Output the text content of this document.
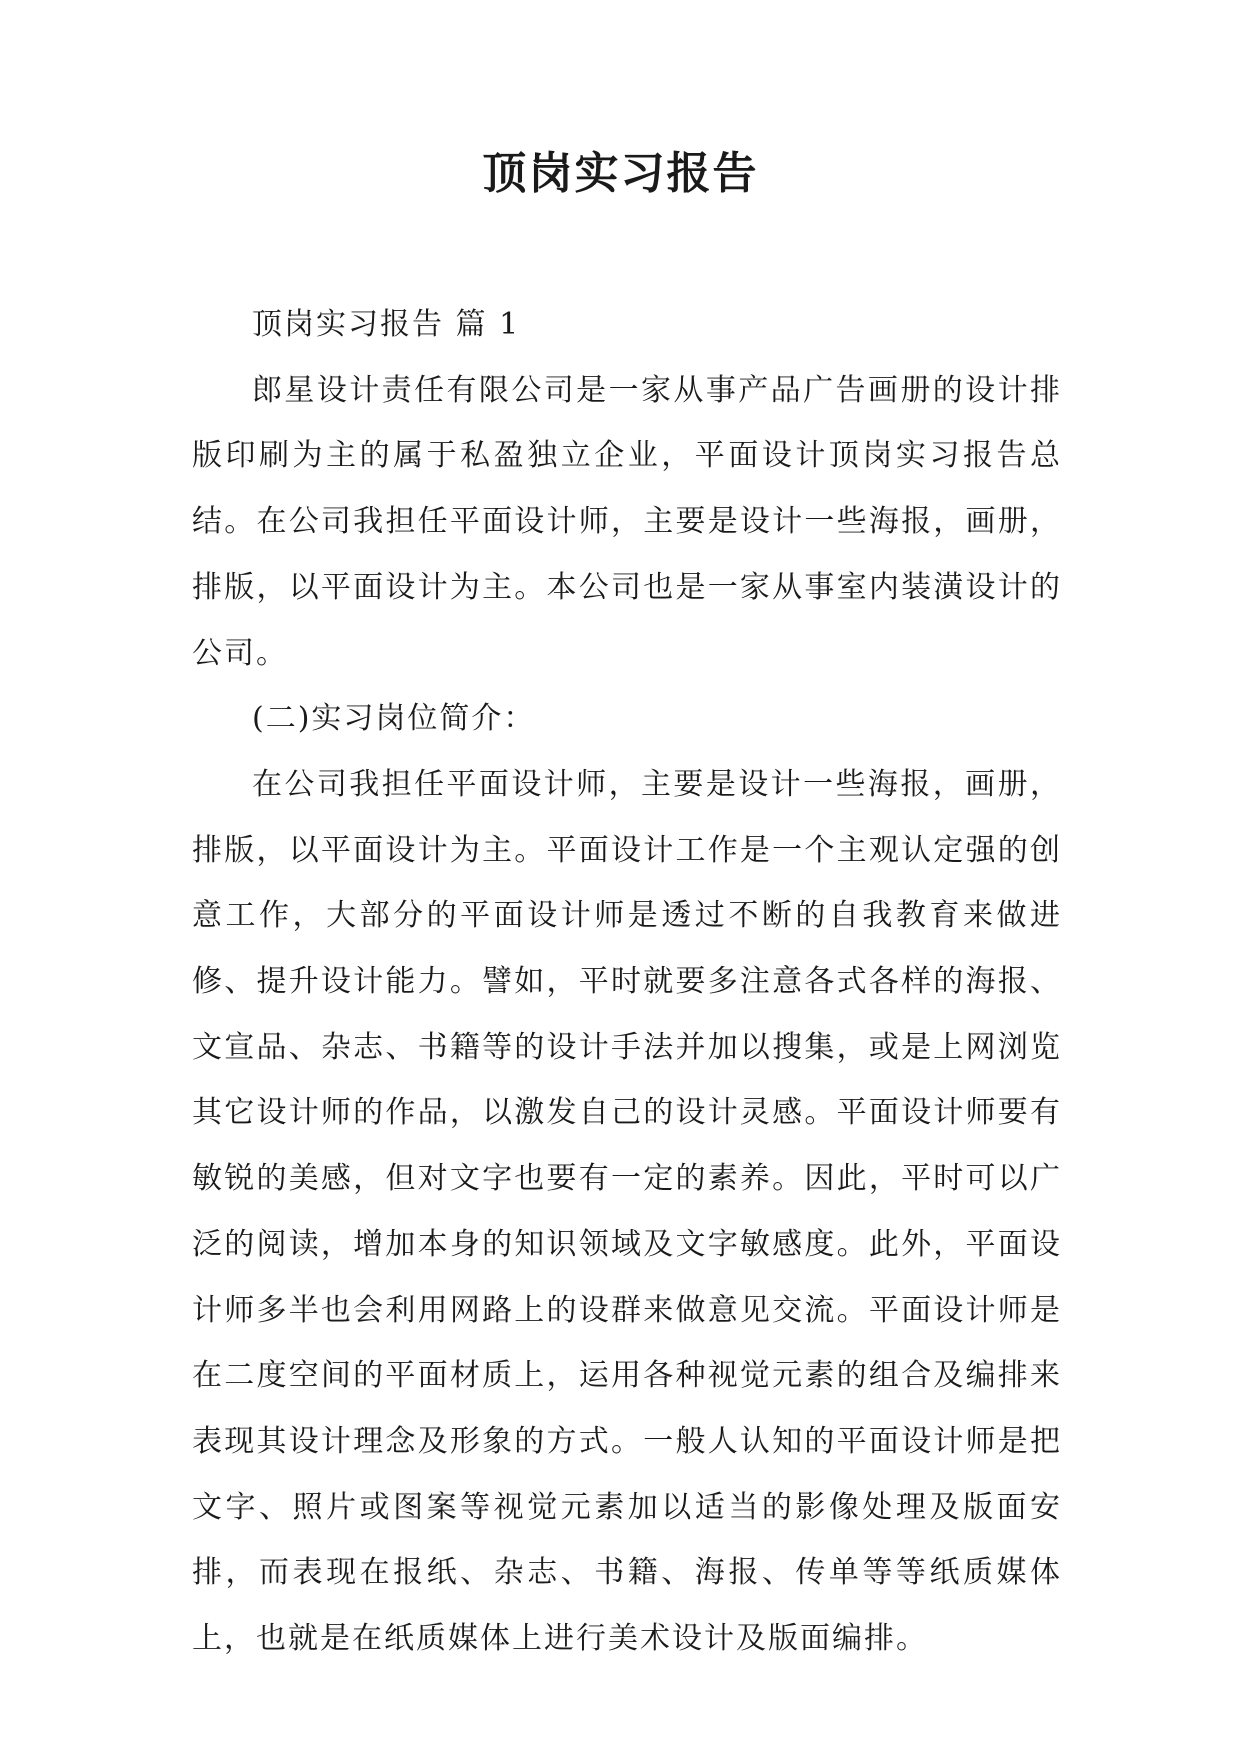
顶岗实习报告

顶岗实习报告 篇 1

郎星设计责任有限公司是一家从事产品广告画册的设计排版印刷为主的属于私盈独立企业，平面设计顶岗实习报告总结。在公司我担任平面设计师，主要是设计一些海报，画册，排版，以平面设计为主。本公司也是一家从事室内装潢设计的公司。

(二)实习岗位简介：

在公司我担任平面设计师，主要是设计一些海报，画册，排版，以平面设计为主。平面设计工作是一个主观认定强的创意工作，大部分的平面设计师是透过不断的自我教育来做进修、提升设计能力。譬如，平时就要多注意各式各样的海报、文宣品、杂志、书籍等的设计手法并加以搜集，或是上网浏览其它设计师的作品，以激发自己的设计灵感。平面设计师要有敏锐的美感，但对文字也要有一定的素养。因此，平时可以广泛的阅读，增加本身的知识领域及文字敏感度。此外，平面设计师多半也会利用网路上的设群来做意见交流。平面设计师是在二度空间的平面材质上，运用各种视觉元素的组合及编排来表现其设计理念及形象的方式。一般人认知的平面设计师是把文字、照片或图案等视觉元素加以适当的影像处理及版面安排，而表现在报纸、杂志、书籍、海报、传单等等纸质媒体上，也就是在纸质媒体上进行美术设计及版面编排。
